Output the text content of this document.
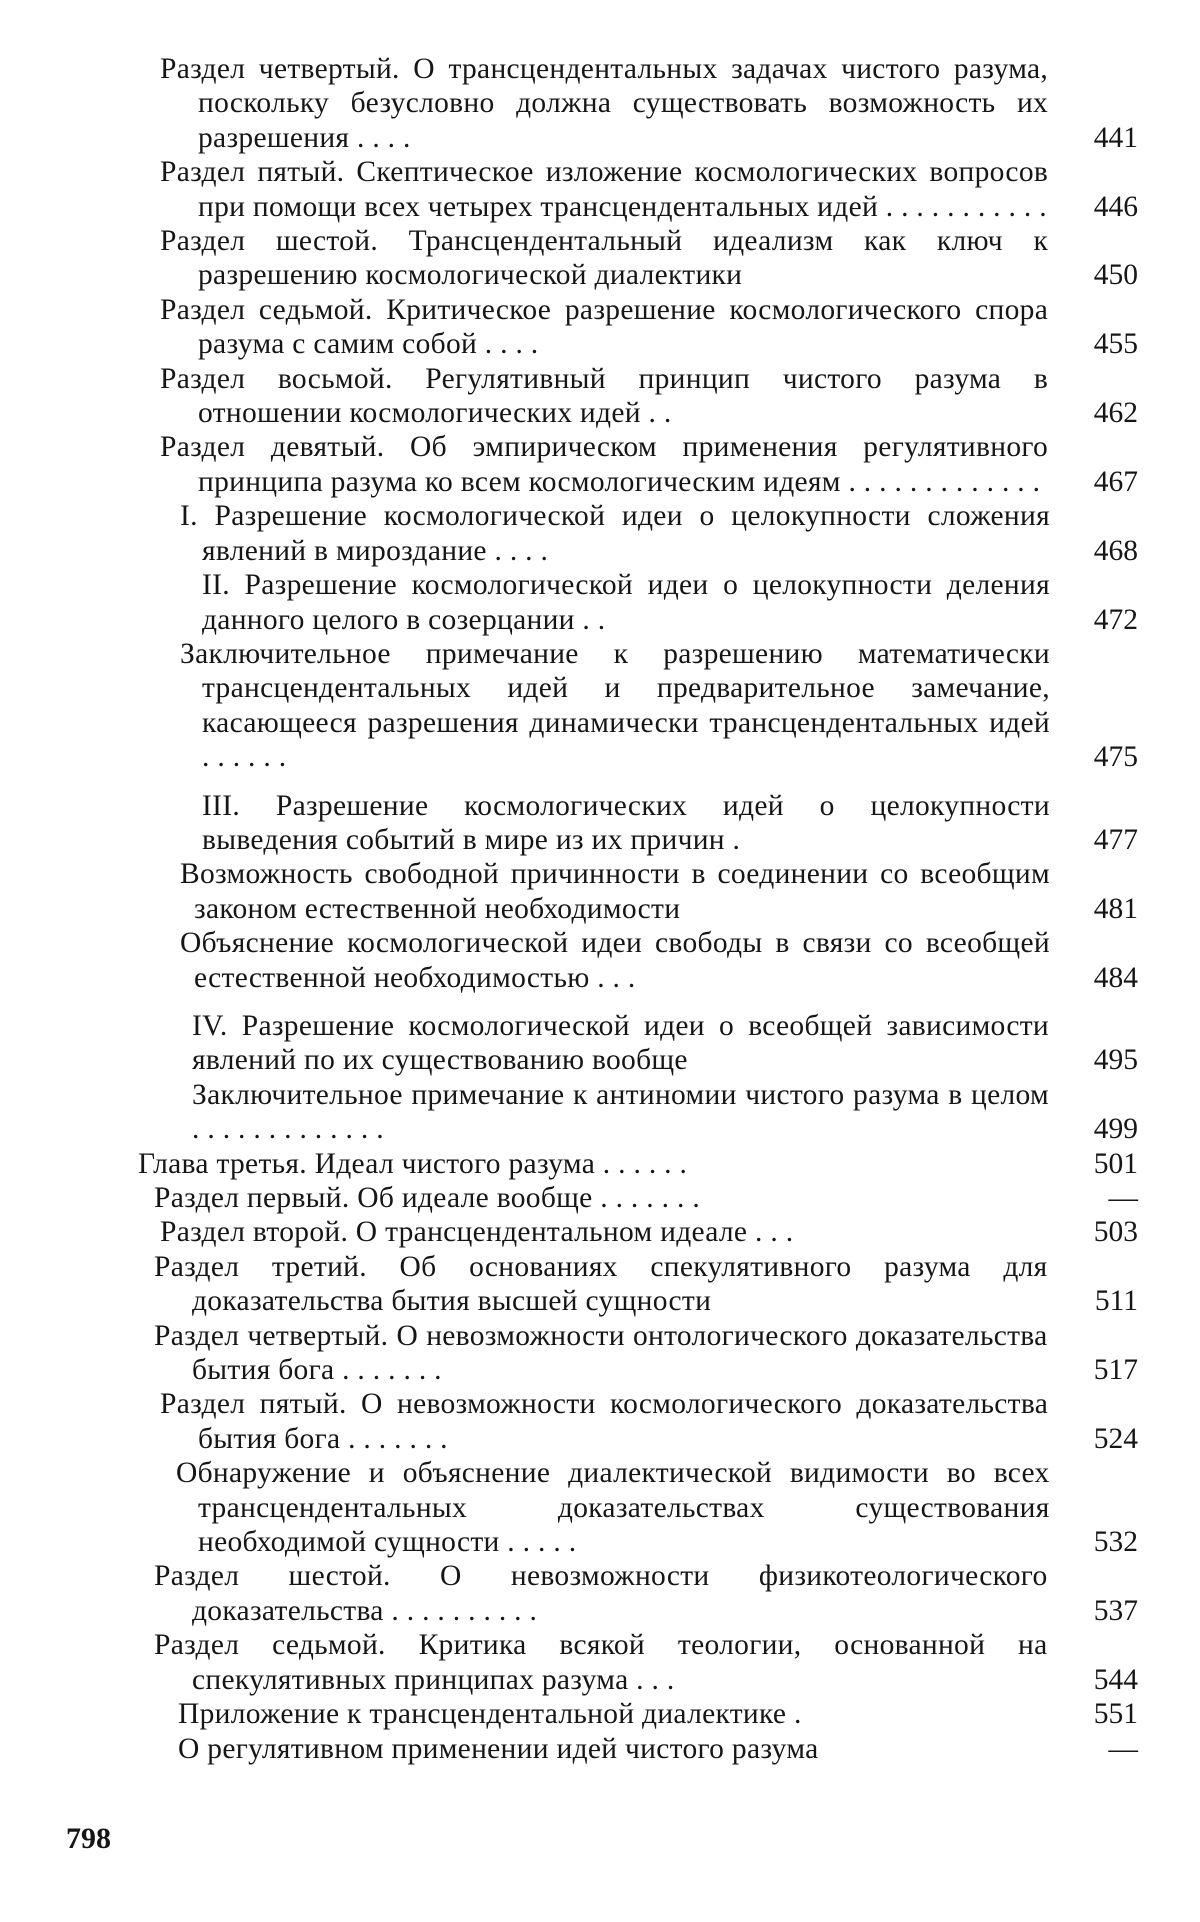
Раздел четвертый. О трансцендентальных задачах чистого разума, поскольку безусловно должна существовать возможность их разрешения . . . .	441
Раздел пятый. Скептическое изложение космологических вопросов при помощи всех четырех трансцендентальных идей . . . . . . . . . . .	446
Раздел шестой. Трансцендентальный идеализм как ключ к разрешению космологической диалектики	450
Раздел седьмой. Критическое разрешение космологического спора разума с самим собой . . . .	455
Раздел восьмой. Регулятивный принцип чистого разума в отношении космологических идей . .	462
Раздел девятый. Об эмпирическом применения регулятивного принципа разума ко всем космологическим идеям . . . . . . . . . . . . .	467
I. Разрешение космологической идеи о целокупности сложения явлений в мироздание . . . .	468
II. Разрешение космологической идеи о целокупности деления данного целого в созерцании . .	472
Заключительное примечание к разрешению математически трансцендентальных идей и предварительное замечание, касающееся разрешения динамически трансцендентальных идей . . . . . .	475
III. Разрешение космологических идей о целокупности выведения событий в мире из их причин .	477
Возможность свободной причинности в соединении со всеобщим законом естественной необходимости	481
Объяснение космологической идеи свободы в связи со всеобщей естественной необходимостью . . .	484
IV. Разрешение космологической идеи о всеобщей зависимости явлений по их существованию вообще	495
Заключительное примечание к антиномии чистого разума в целом . . . . . . . . . . . . .	499
Глава третья. Идеал чистого разума . . . . . .	501
Раздел первый. Об идеале вообще . . . . . . .	—
Раздел второй. О трансцендентальном идеале . . .	503
Раздел третий. Об основаниях спекулятивного разума для доказательства бытия высшей сущности	511
Раздел четвертый. О невозможности онтологического доказательства бытия бога . . . . . . .	517
Раздел пятый. О невозможности космологического доказательства бытия бога . . . . . . .	524
Обнаружение и объяснение диалектической видимости во всех трансцендентальных доказательствах существования необходимой сущности . . . . .	532
Раздел шестой. О невозможности физикотеологического доказательства . . . . . . . . . .	537
Раздел седьмой. Критика всякой теологии, основанной на спекулятивных принципах разума . . .	544
Приложение к трансцендентальной диалектике .	551
О регулятивном применении идей чистого разума	—
798
